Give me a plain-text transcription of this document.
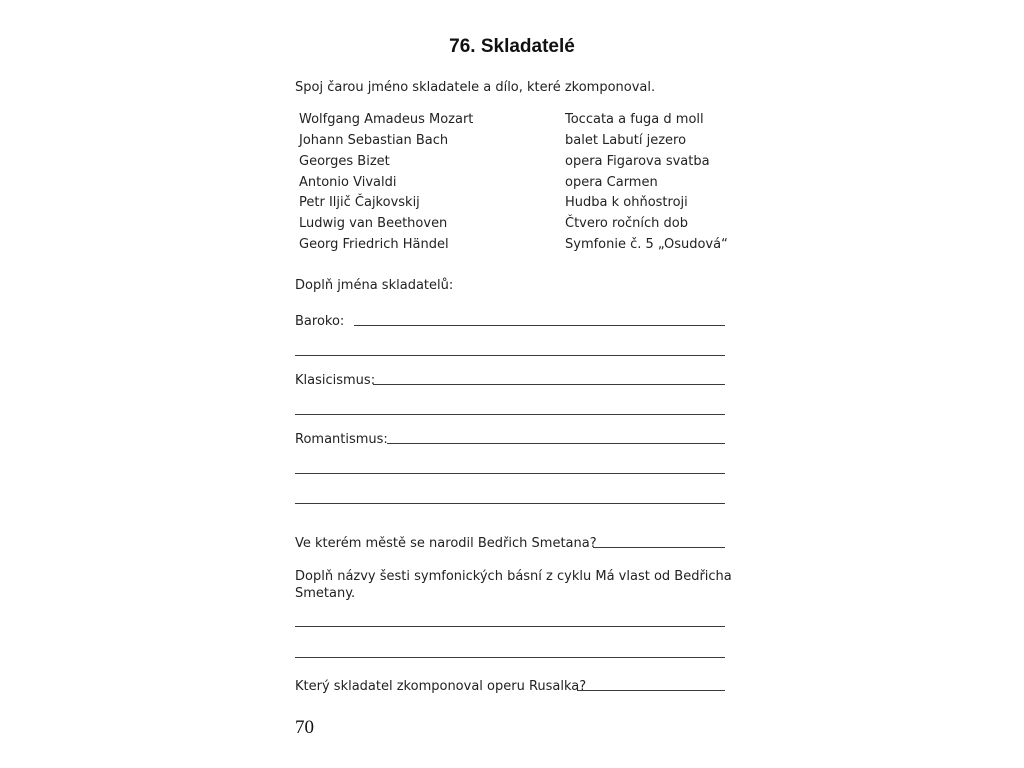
76. Skladatelé
Spoj čarou jméno skladatele a dílo, které zkomponoval.
Wolfgang Amadeus Mozart
Johann Sebastian Bach
Georges Bizet
Antonio Vivaldi
Petr Iljič Čajkovskij
Ludwig van Beethoven
Georg Friedrich Händel
Toccata a fuga d moll
balet Labutí jezero
opera Figarova svatba
opera Carmen
Hudba k ohňostroji
Čtvero ročních dob
Symfonie č. 5 „Osudová“
Doplň jména skladatelů:
Baroko:
Klasicismus:
Romantismus:
Ve kterém městě se narodil Bedřich Smetana?
Doplň názvy šesti symfonických básní z cyklu Má vlast od Bedřicha
Smetany.
Který skladatel zkomponoval operu Rusalka?
70
